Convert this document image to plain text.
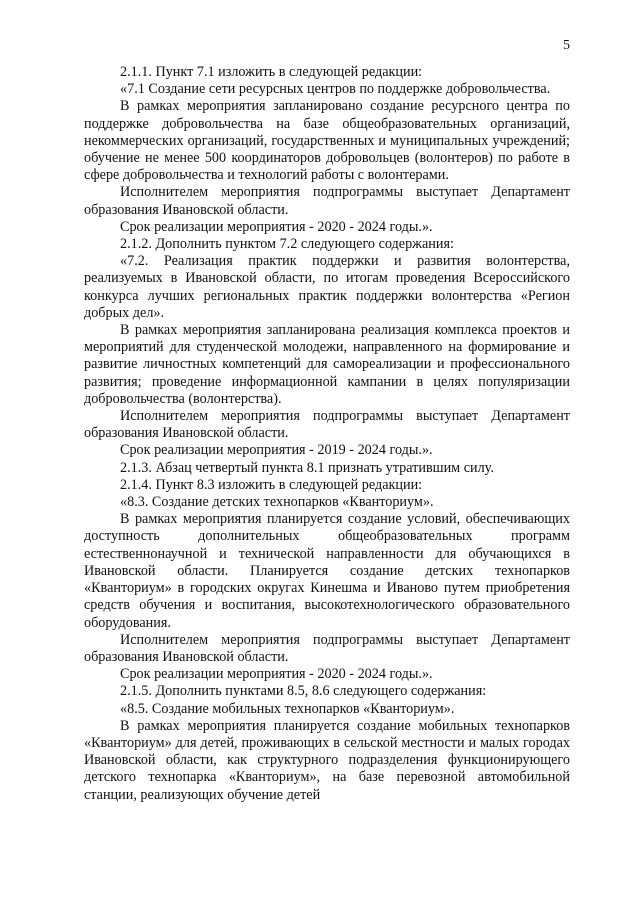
5

2.1.1. Пункт 7.1 изложить в следующей редакции:

«7.1 Создание сети ресурсных центров по поддержке добровольчества.

В рамках мероприятия запланировано создание ресурсного центра по поддержке добровольчества на базе общеобразовательных организаций, некоммерческих организаций, государственных и муниципальных учреждений; обучение не менее 500 координаторов добровольцев (волонтеров) по работе в сфере добровольчества и технологий работы с волонтерами.

Исполнителем мероприятия подпрограммы выступает Департамент образования Ивановской области.

Срок реализации мероприятия - 2020 - 2024 годы.».

2.1.2. Дополнить пунктом 7.2 следующего содержания:

«7.2. Реализация практик поддержки и развития волонтерства, реализуемых в Ивановской области, по итогам проведения Всероссийского конкурса лучших региональных практик поддержки волонтерства «Регион добрых дел».

В рамках мероприятия запланирована реализация комплекса проектов и мероприятий для студенческой молодежи, направленного на формирование и развитие личностных компетенций для самореализации и профессионального развития; проведение информационной кампании в целях популяризации добровольчества (волонтерства).

Исполнителем мероприятия подпрограммы выступает Департамент образования Ивановской области.

Срок реализации мероприятия - 2019 - 2024 годы.».

2.1.3. Абзац четвертый пункта 8.1 признать утратившим силу.

2.1.4. Пункт 8.3 изложить в следующей редакции:

«8.3. Создание детских технопарков «Кванториум».

В рамках мероприятия планируется создание условий, обеспечивающих доступность дополнительных общеобразовательных программ естественнонаучной и технической направленности для обучающихся в Ивановской области. Планируется создание детских технопарков «Кванториум» в городских округах Кинешма и Иваново путем приобретения средств обучения и воспитания, высокотехнологического образовательного оборудования.

Исполнителем мероприятия подпрограммы выступает Департамент образования Ивановской области.

Срок реализации мероприятия - 2020 - 2024 годы.».

2.1.5. Дополнить пунктами 8.5, 8.6 следующего содержания:

«8.5. Создание мобильных технопарков «Кванториум».

В рамках мероприятия планируется создание мобильных технопарков «Кванториум» для детей, проживающих в сельской местности и малых городах Ивановской области, как структурного подразделения функционирующего детского технопарка «Кванториум», на базе перевозной автомобильной станции, реализующих обучение детей
